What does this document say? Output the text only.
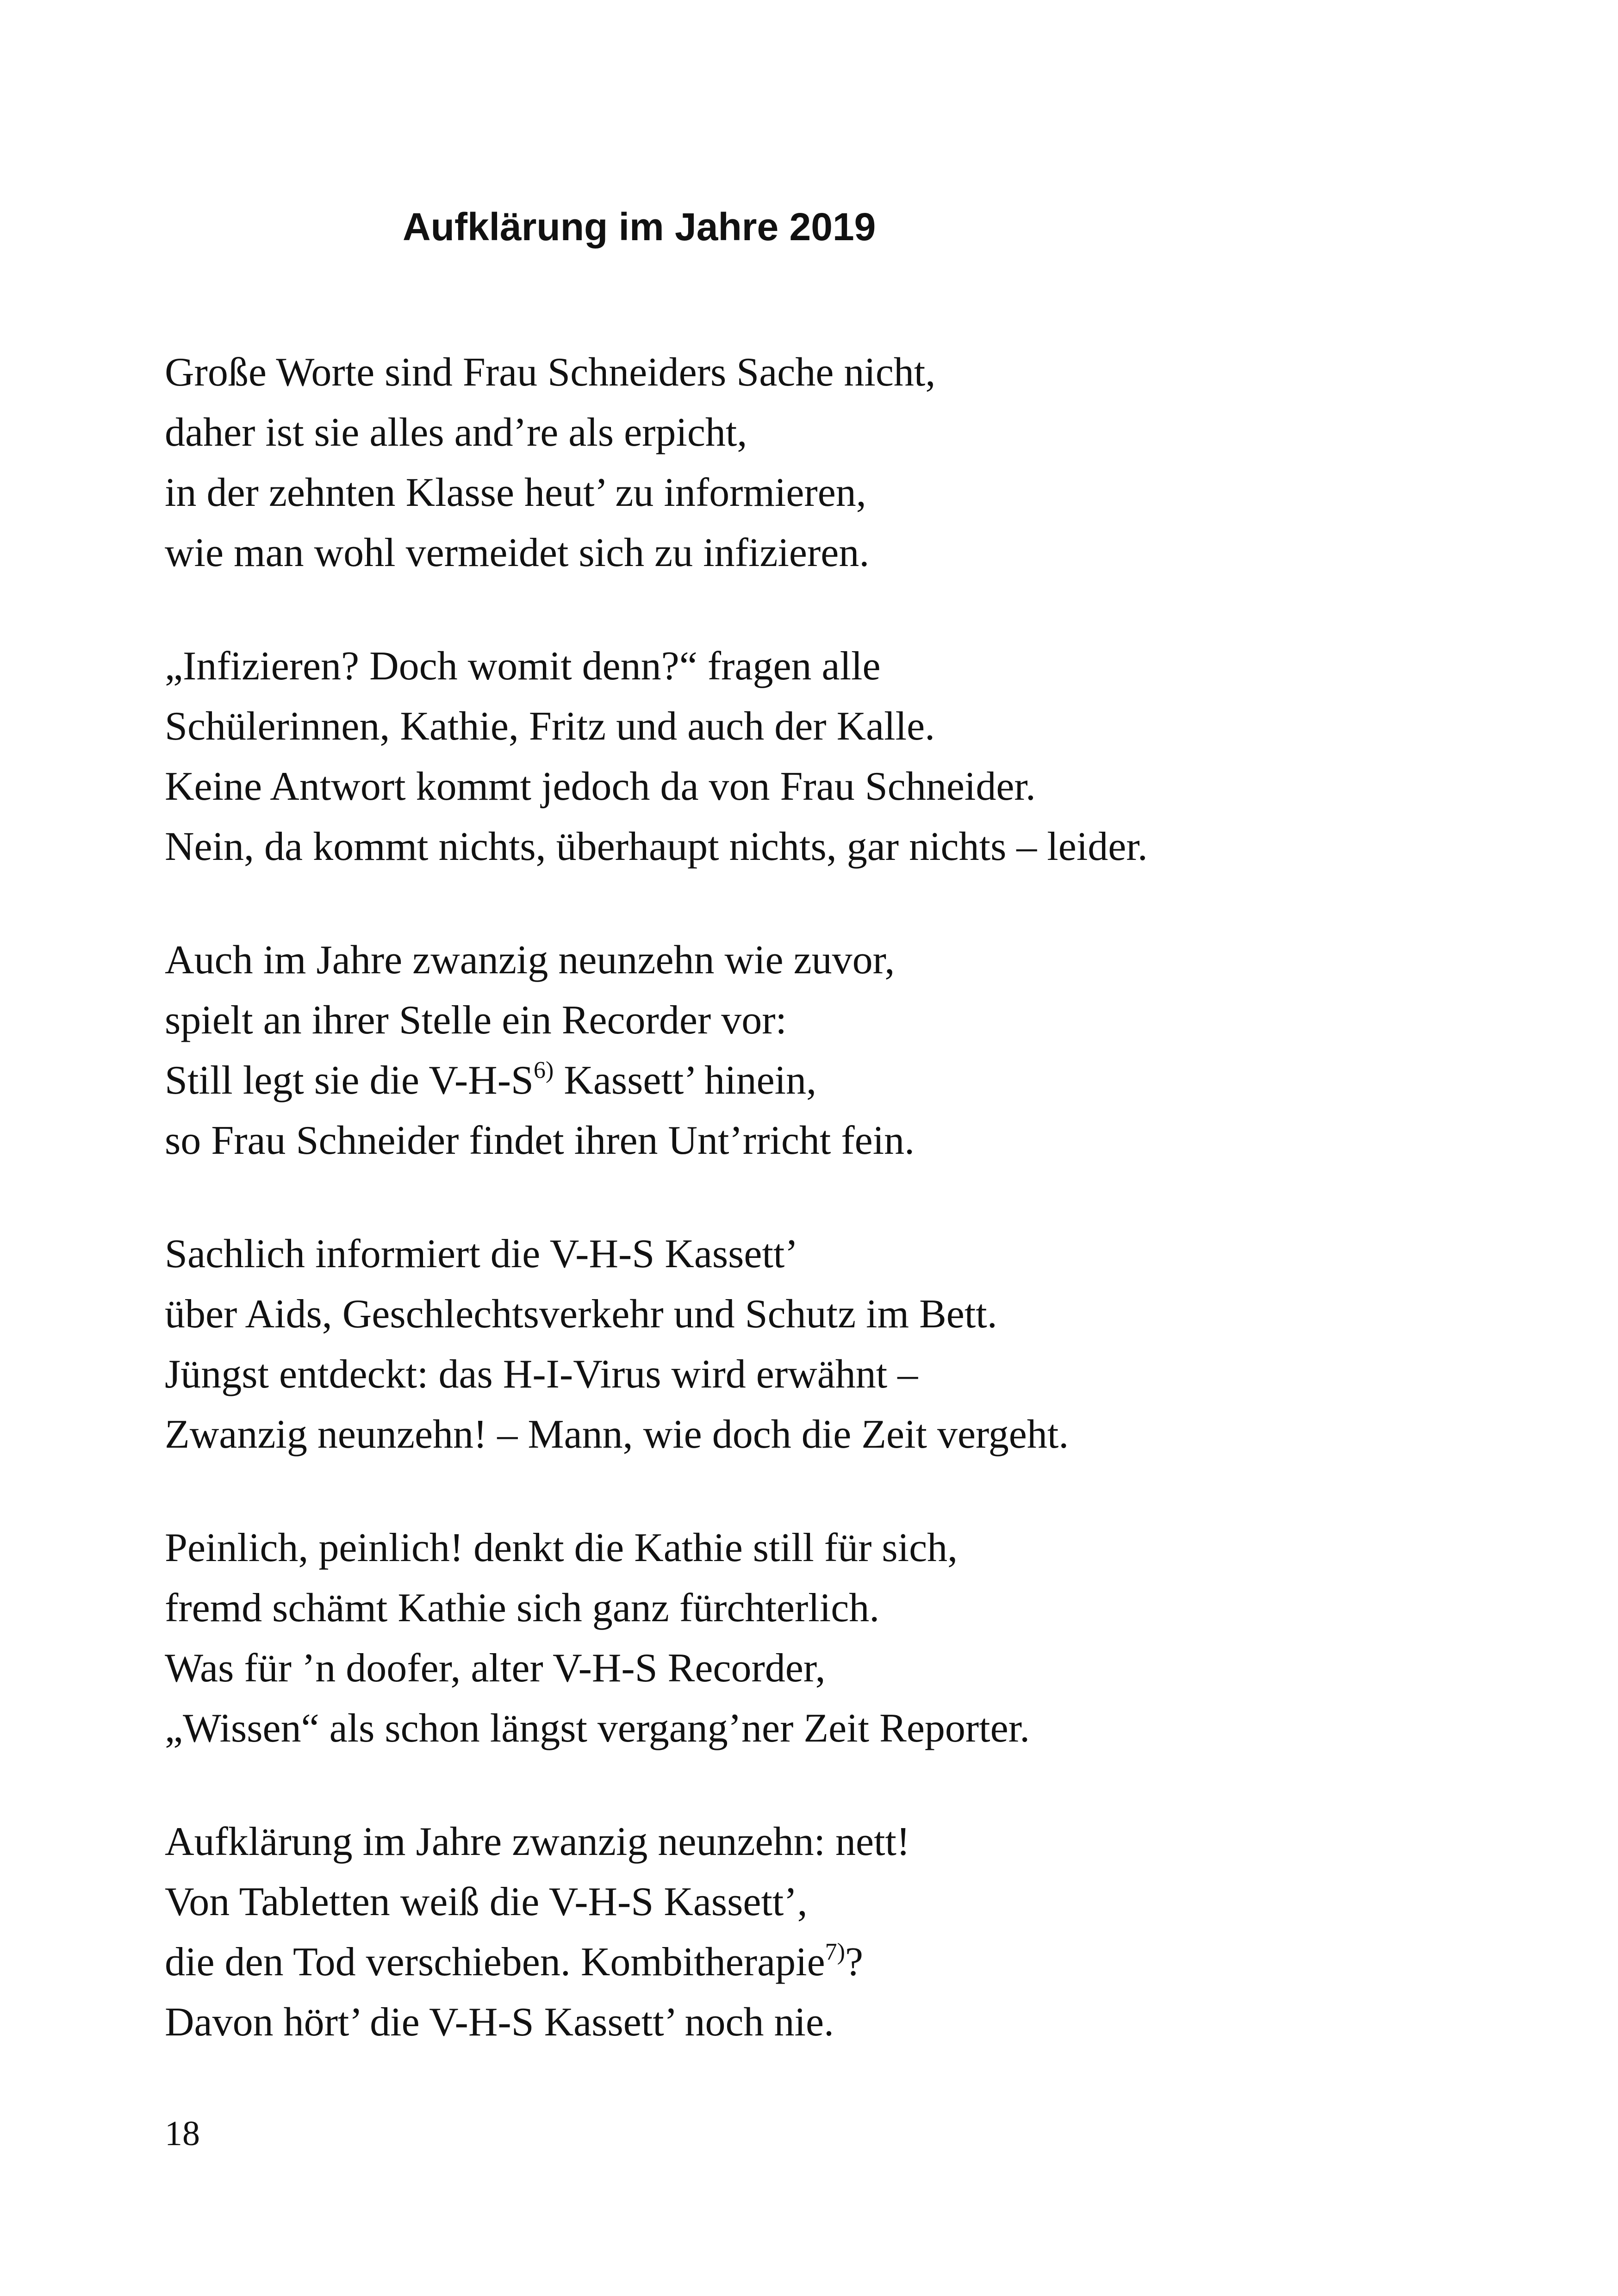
Aufklärung im Jahre 2019
Große Worte sind Frau Schneiders Sache nicht,
daher ist sie alles and’re als erpicht,
in der zehnten Klasse heut’ zu informieren,
wie man wohl vermeidet sich zu infizieren.
„Infizieren? Doch womit denn?“ fragen alle
Schülerinnen, Kathie, Fritz und auch der Kalle.
Keine Antwort kommt jedoch da von Frau Schneider.
Nein, da kommt nichts, überhaupt nichts, gar nichts – leider.
Auch im Jahre zwanzig neunzehn wie zuvor,
spielt an ihrer Stelle ein Recorder vor:
Still legt sie die $V-H-S^{6)}$ Kassett’ hinein,
so Frau Schneider findet ihren Unt’rricht fein.
Sachlich informiert die V-H-S Kassett’
über Aids, Geschlechtsverkehr und Schutz im Bett.
Jüngst entdeckt: das H-I-Virus wird erwähnt –
Zwanzig neunzehn! – Mann, wie doch die Zeit vergeht.
Peinlich, peinlich! denkt die Kathie still für sich,
fremd schämt Kathie sich ganz fürchterlich.
Was für ’n doofer, alter V-H-S Recorder,
„Wissen“ als schon längst vergang’ner Zeit Reporter.
Aufklärung im Jahre zwanzig neunzehn: nett!
Von Tabletten weiß die V-H-S Kassett’,
die den Tod verschieben. Kombitherapie$^{7)}$?
Davon hört’ die V-H-S Kassett’ noch nie.
18
